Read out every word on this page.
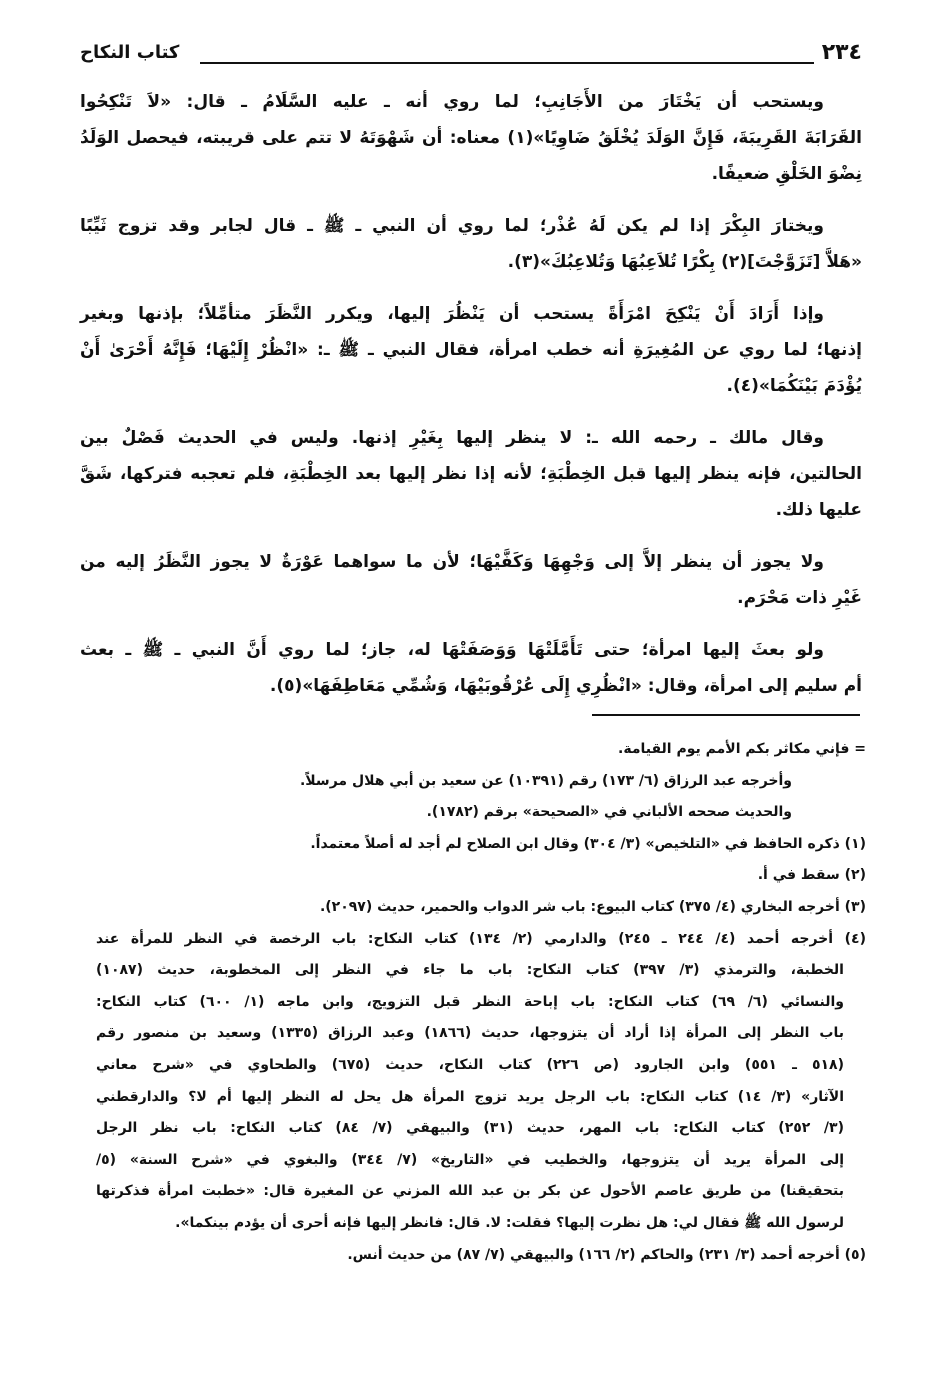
٢٣٤
كتاب النكاح
ويستحب أن يَخْتَارَ من الأَجَانِبِ؛ لما روي أنه ـ عليه السَّلَامُ ـ قال: «لاَ تَنْكِحُوا
القَرَابَةَ القَرِيبَةَ، فَإِنَّ الوَلَدَ يُخْلَقُ ضَاوِيًا»(١) معناه: أن شَهْوَتَهُ لا تتم على قريبته، فيحصل الوَلَدُ
نِضْوَ الخَلْقِ ضعيفًا.
ويختارَ البِكْرَ إذا لم يكن لَهُ عُذْر؛ لما روي أن النبي ـ ﷺ ـ قال لجابر وقد تزوج ثَيِّبًا
«هَلاَّ [تَزَوَّجْتَ](٢) بِكْرًا تُلاَعِبُهَا وَتُلاعِبُكَ»(٣).
وإذا أَرَادَ أَنْ يَنْكِحَ امْرَأَةً يستحب أن يَنْظُرَ إليها، ويكرر النَّظَرَ متأمِّلاً؛ بإذنها وبغير
إذنها؛ لما روي عن المُغِيرَةِ أنه خطب امرأة، فقال النبي ـ ﷺ ـ: «انْظُرْ إِلَيْهَا؛ فَإِنَّهُ أَحْرَىٰ أَنْ
يُؤْدَمَ بَيْنَكُمَا»(٤).
وقال مالك ـ رحمه الله ـ: لا ينظر إليها بِغَيْرِ إذنها. وليس في الحديث فَصْلٌ بين
الحالتين، فإنه ينظر إليها قبل الخِطْبَةِ؛ لأنه إذا نظر إليها بعد الخِطْبَةِ، فلم تعجبه فتركها، شَقَّ
عليها ذلك.
ولا يجوز أن ينظر إلاَّ إلى وَجْهِهَا وَكَفَّيْهَا؛ لأن ما سواهما عَوْرَةٌ لا يجوز النَّظَرُ إليه من
غَيْرِ ذات مَحْرَم.
ولو بعثَ إليها امرأة؛ حتى تَأَمَّلَتْهَا وَوَصَفَتْهَا له، جاز؛ لما روي أَنَّ النبي ـ ﷺ ـ بعث
أم سليم إلى امرأة، وقال: «انْظُرِي إِلَى عُرْقُوبَيْهَا، وَشُمِّي مَعَاطِفَهَا»(٥).
= فإني مكاثر بكم الأمم يوم القيامة.
وأخرجه عبد الرزاق (٦/ ١٧٣) رقم (١٠٣٩١) عن سعيد بن أبي هلال مرسلاً.
والحديث صححه الألباني في «الصحيحة» برقم (١٧٨٢).
(١) ذكره الحافظ في «التلخيص» (٣/ ٣٠٤) وقال ابن الصلاح لم أجد له أصلاً معتمداً.
(٢) سقط في أ.
(٣) أخرجه البخاري (٤/ ٣٧٥) كتاب البيوع: باب شر الدواب والحمير، حديث (٢٠٩٧).
(٤) أخرجه أحمد (٤/ ٢٤٤ ـ ٢٤٥) والدارمي (٢/ ١٣٤) كتاب النكاح: باب الرخصة في النظر للمرأة عند
الخطبة، والترمذي (٣/ ٣٩٧) كتاب النكاح: باب ما جاء في النظر إلى المخطوبة، حديث (١٠٨٧)
والنسائي (٦/ ٦٩) كتاب النكاح: باب إباحة النظر قبل التزويج، وابن ماجه (١/ ٦٠٠) كتاب النكاح:
باب النظر إلى المرأة إذا أراد أن يتزوجها، حديث (١٨٦٦) وعبد الرزاق (١٣٣٥) وسعيد بن منصور رقم
(٥١٨ ـ ٥٥١) وابن الجارود (ص ٢٢٦) كتاب النكاح، حديث (٦٧٥) والطحاوي في «شرح معاني
الآثار» (٣/ ١٤) كتاب النكاح: باب الرجل يريد تزوج المرأة هل يحل له النظر إليها أم لا؟ والدارقطني
(٣/ ٢٥٢) كتاب النكاح: باب المهر، حديث (٣١) والبيهقي (٧/ ٨٤) كتاب النكاح: باب نظر الرجل
إلى المرأة يريد أن يتزوجها، والخطيب في «التاريخ» (٧/ ٣٤٤) والبغوي في «شرح السنة» (٥/
بتحقيقنا) من طريق عاصم الأحول عن بكر بن عبد الله المزني عن المغيرة قال: «خطبت امرأة فذكرتها
لرسول الله ﷺ فقال لي: هل نظرت إليها؟ فقلت: لا. قال: فانظر إليها فإنه أحرى أن يؤدم بينكما».
(٥) أخرجه أحمد (٣/ ٢٣١) والحاكم (٢/ ١٦٦) والبيهقي (٧/ ٨٧) من حديث أنس.
